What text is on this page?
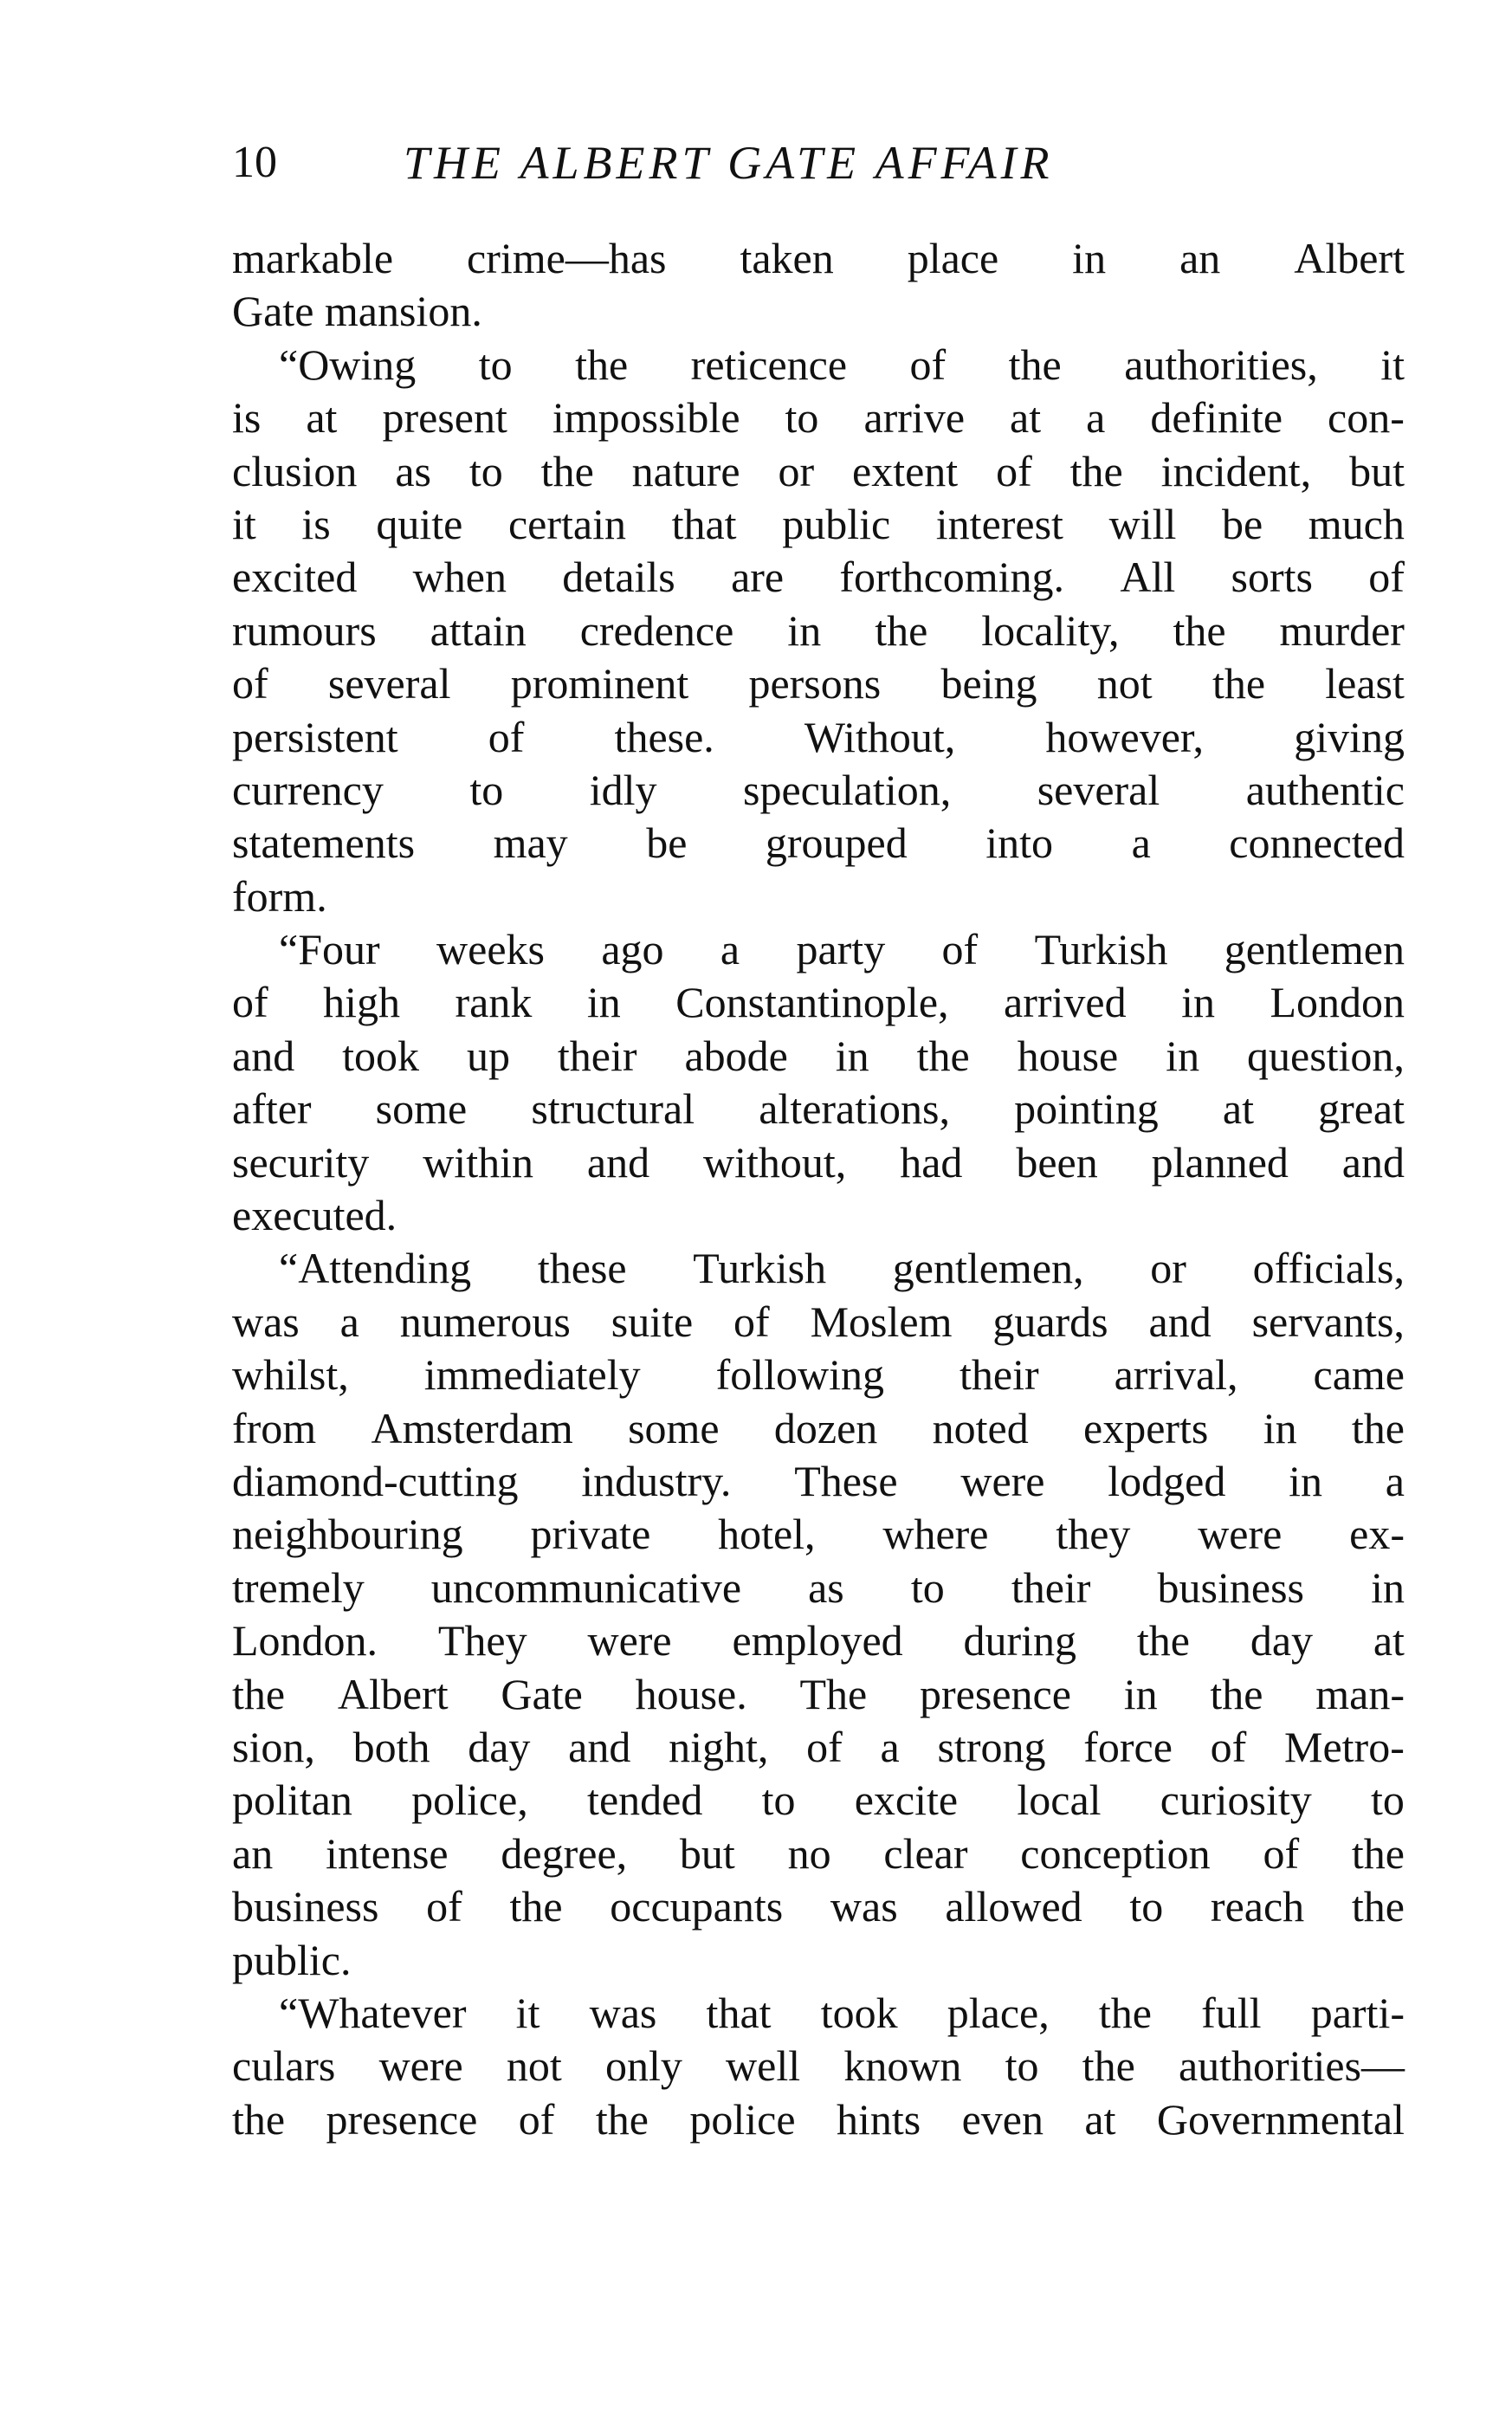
10	THE ALBERT GATE AFFAIR
markable crime—has taken place in an Albert
Gate mansion.
“Owing to the reticence of the authorities, it
is at present impossible to arrive at a definite con-
clusion as to the nature or extent of the incident, but
it is quite certain that public interest will be much
excited when details are forthcoming. All sorts of
rumours attain credence in the locality, the murder
of several prominent persons being not the least
persistent of these. Without, however, giving
currency to idly speculation, several authentic
statements may be grouped into a connected
form.
“Four weeks ago a party of Turkish gentlemen
of high rank in Constantinople, arrived in London
and took up their abode in the house in question,
after some structural alterations, pointing at great
security within and without, had been planned and
executed.
“Attending these Turkish gentlemen, or officials,
was a numerous suite of Moslem guards and servants,
whilst, immediately following their arrival, came
from Amsterdam some dozen noted experts in the
diamond-cutting industry. These were lodged in a
neighbouring private hotel, where they were ex-
tremely uncommunicative as to their business in
London. They were employed during the day at
the Albert Gate house. The presence in the man-
sion, both day and night, of a strong force of Metro-
politan police, tended to excite local curiosity to
an intense degree, but no clear conception of the
business of the occupants was allowed to reach the
public.
“Whatever it was that took place, the full parti-
culars were not only well known to the authorities—
the presence of the police hints even at Governmental
